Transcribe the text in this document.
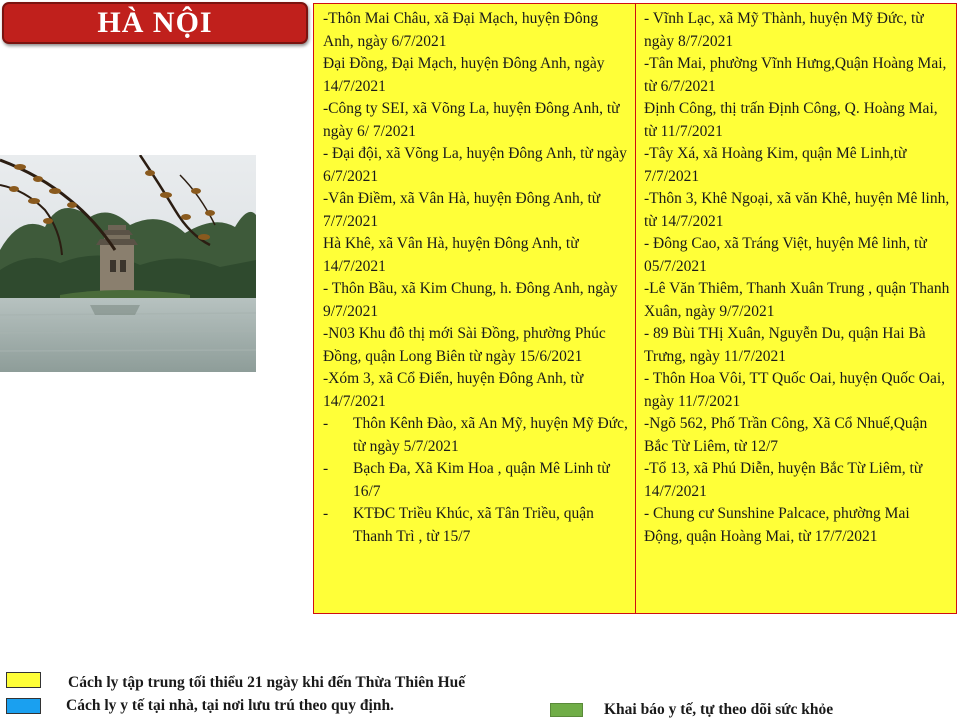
HÀ NỘI	-Thôn Mai Châu, xã Đại Mạch, huyện Đông Anh, ngày 6/7/2021

Đại Đồng, Đại Mạch, huyện Đông Anh, ngày 14/7/2021

-Công ty SEI, xã Võng La, huyện Đông Anh, từ ngày 6/ 7/2021

- Đại đội, xã Võng La, huyện Đông Anh, từ ngày 6/7/2021

-Vân Điềm, xã Vân Hà, huyện Đông Anh, từ 7/7/2021

Hà Khê, xã Vân Hà, huyện Đông Anh, từ 14/7/2021

- Thôn Bầu, xã Kim Chung, h. Đông Anh, ngày 9/7/2021

-N03 Khu đô thị mới Sài Đồng, phường Phúc Đồng, quận Long Biên từ ngày 15/6/2021

-Xóm 3, xã Cổ Điển, huyện Đông Anh, từ 14/7/2021

-	Thôn Kênh Đào, xã An Mỹ, huyện Mỹ Đức, từ ngày 5/7/2021
-	Bạch Đa, Xã Kim Hoa , quận Mê Linh từ 16/7
-	KTĐC Triều Khúc, xã Tân Triều, quận Thanh Trì , từ 15/7

- Vĩnh Lạc, xã Mỹ Thành, huyện Mỹ Đức, từ ngày 8/7/2021

-Tân Mai, phường Vĩnh Hưng,Quận Hoàng Mai, từ 6/7/2021

Định Công, thị trấn Định Công, Q. Hoàng Mai, từ 11/7/2021

-Tây Xá, xã Hoàng Kim, quận Mê Linh,từ 7/7/2021

-Thôn 3, Khê Ngoại, xã văn Khê, huyện Mê linh, từ 14/7/2021

- Đông Cao, xã Tráng Việt, huyện Mê linh, từ 05/7/2021

-Lê Văn Thiêm, Thanh Xuân Trung , quận Thanh Xuân, ngày 9/7/2021

- 89 Bùi THị Xuân, Nguyễn Du, quận Hai Bà Trưng, ngày 11/7/2021

- Thôn Hoa Vôi, TT Quốc Oai, huyện Quốc Oai, ngày 11/7/2021

-Ngõ 562, Phố Trần Công, Xã Cổ Nhuế,Quận Bắc Từ Liêm, từ 12/7

-Tổ 13, xã Phú Diễn, huyện Bắc Từ Liêm, từ 14/7/2021

- Chung cư Sunshine Palcace, phường Mai Động, quận Hoàng Mai, từ 17/7/2021

Cách ly tập trung tối thiểu 21 ngày khi đến Thừa Thiên Huế
Cách ly y tế tại nhà, tại nơi lưu trú theo quy định.	Khai báo y tế, tự theo dõi sức khỏe
